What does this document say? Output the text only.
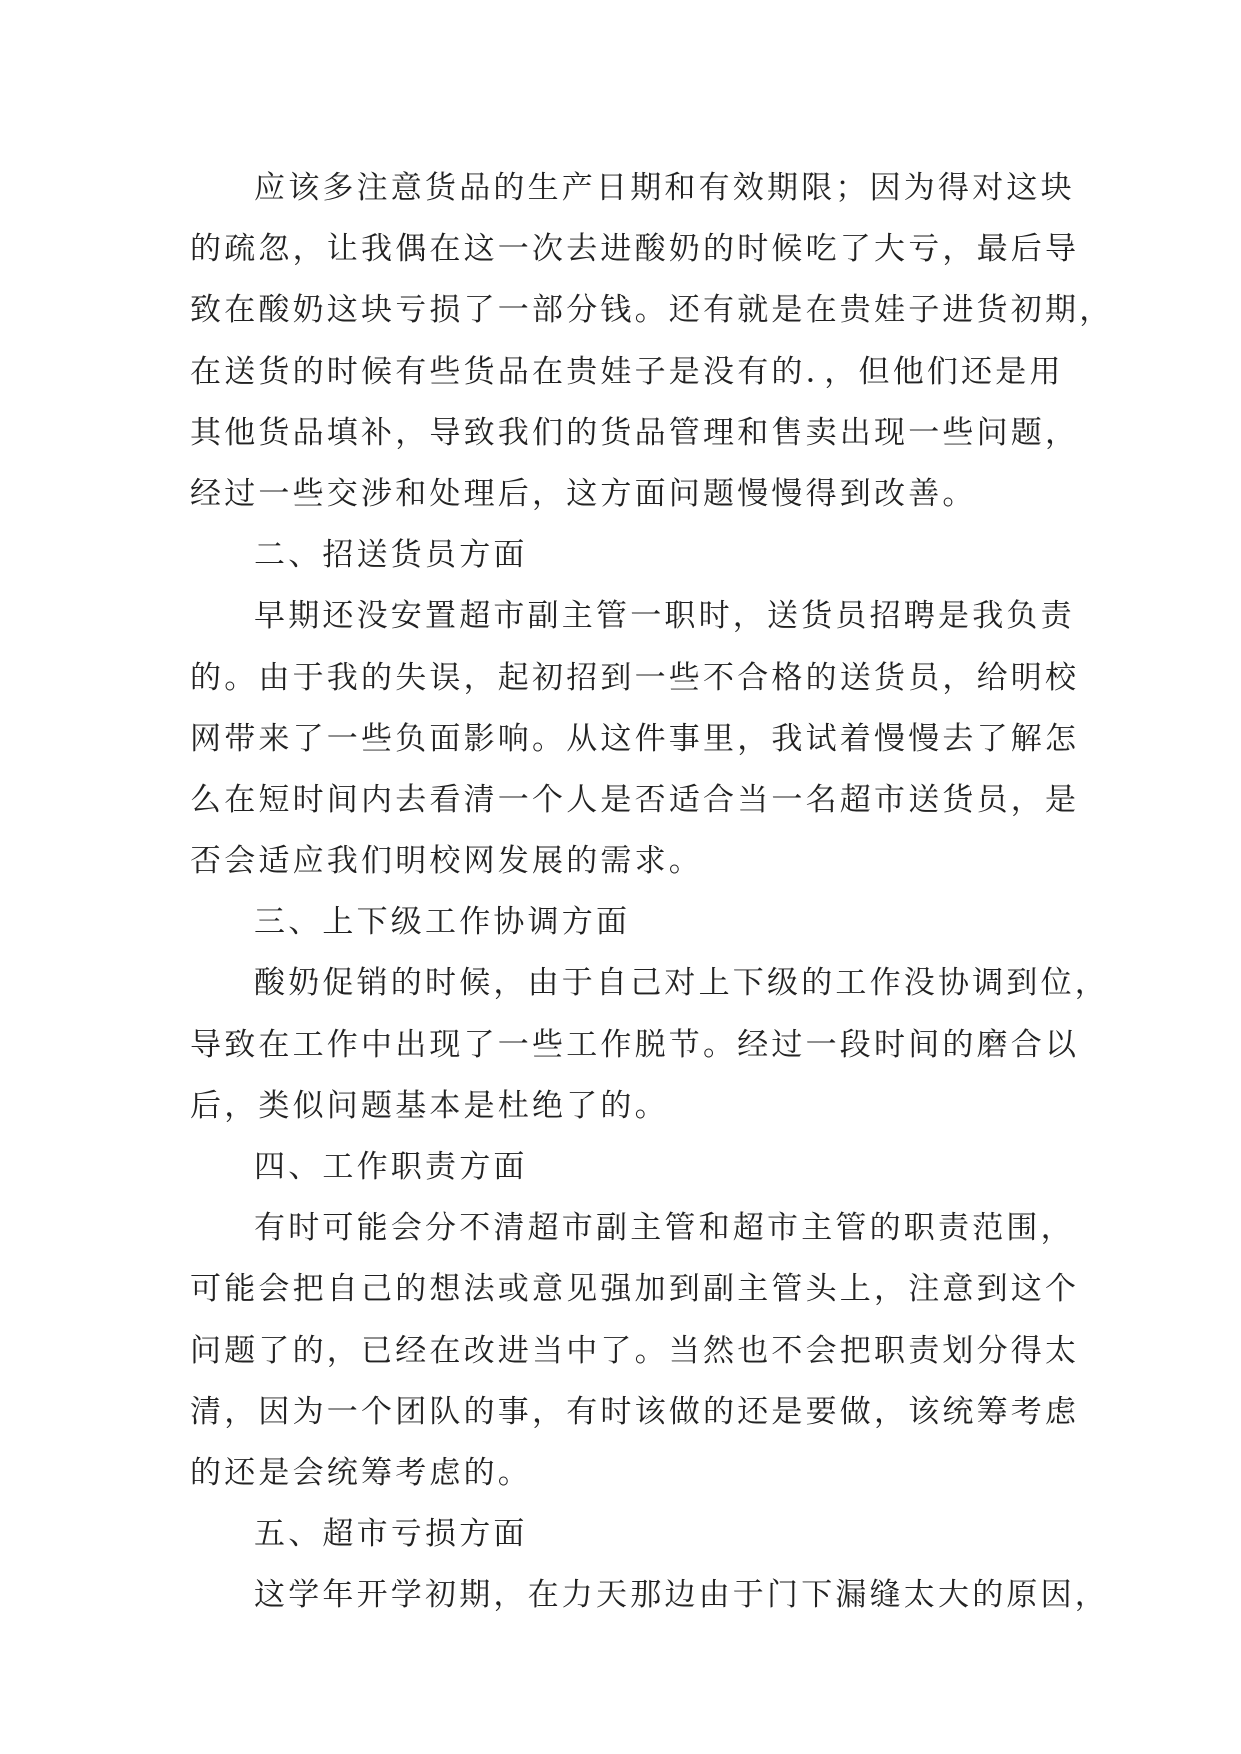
应该多注意货品的生产日期和有效期限；因为得对这块
的疏忽，让我偶在这一次去进酸奶的时候吃了大亏，最后导
致在酸奶这块亏损了一部分钱。还有就是在贵娃子进货初期，
在送货的时候有些货品在贵娃子是没有的．，但他们还是用
其他货品填补，导致我们的货品管理和售卖出现一些问题，
经过一些交涉和处理后，这方面问题慢慢得到改善。
二、招送货员方面
早期还没安置超市副主管一职时，送货员招聘是我负责
的。由于我的失误，起初招到一些不合格的送货员，给明校
网带来了一些负面影响。从这件事里，我试着慢慢去了解怎
么在短时间内去看清一个人是否适合当一名超市送货员，是
否会适应我们明校网发展的需求。
三、上下级工作协调方面
酸奶促销的时候，由于自己对上下级的工作没协调到位，
导致在工作中出现了一些工作脱节。经过一段时间的磨合以
后，类似问题基本是杜绝了的。
四、工作职责方面
有时可能会分不清超市副主管和超市主管的职责范围，
可能会把自己的想法或意见强加到副主管头上，注意到这个
问题了的，已经在改进当中了。当然也不会把职责划分得太
清，因为一个团队的事，有时该做的还是要做，该统筹考虑
的还是会统筹考虑的。
五、超市亏损方面
这学年开学初期，在力天那边由于门下漏缝太大的原因，
